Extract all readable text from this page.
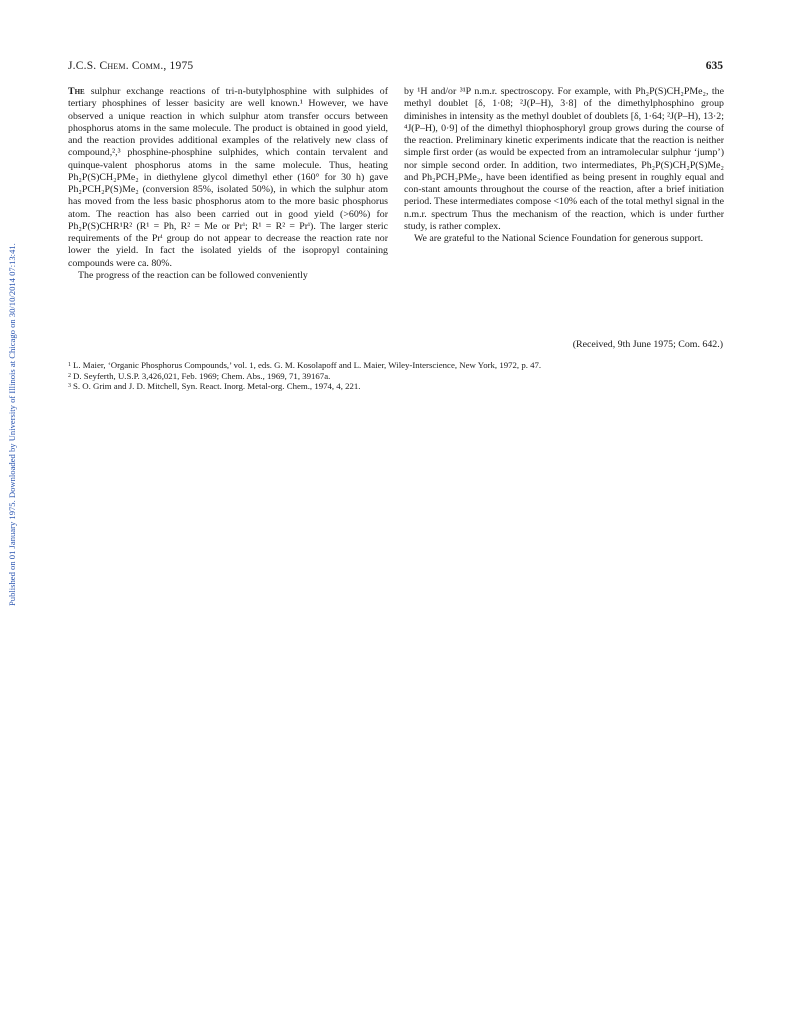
Published on 01 January 1975. Downloaded by University of Illinois at Chicago on 30/10/2014 07:13:41.
J.C.S. Chem. Comm., 1975	635

The sulphur exchange reactions of tri-n-butylphosphine with sulphides of tertiary phosphines of lesser basicity are well known.¹ However, we have observed a unique reaction in which sulphur atom transfer occurs between phosphorus atoms in the same molecule. The product is obtained in good yield, and the reaction provides additional examples of the relatively new class of compound,²,³ phosphine-phosphine sulphides, which contain tervalent and quinque-valent phosphorus atoms in the same molecule. Thus, heating Ph₂P(S)CH₂PMe₂ in diethylene glycol dimethyl ether (160° for 30 h) gave Ph₂PCH₂P(S)Me₂ (conversion 85%, isolated 50%), in which the sulphur atom has moved from the less basic phosphorus atom to the more basic phosphorus atom. The reaction has also been carried out in good yield (>60%) for Ph₂P(S)CHR¹R² (R¹ = Ph, R² = Me or Prⁱ; R¹ = R² = Prⁱ). The larger steric requirements of the Prⁱ group do not appear to decrease the reaction rate nor lower the yield. In fact the isolated yields of the isopropyl containing compounds were ca. 80%.

The progress of the reaction can be followed conveniently

by ¹H and/or ³¹P n.m.r. spectroscopy. For example, with Ph₂P(S)CH₂PMe₂, the methyl doublet [δ, 1·08; ²J(P–H), 3·8] of the dimethylphosphino group diminishes in intensity as the methyl doublet of doublets [δ, 1·64; ²J(P–H), 13·2; ⁴J(P–H), 0·9] of the dimethyl thiophosphoryl group grows during the course of the reaction. Preliminary kinetic experiments indicate that the reaction is neither simple first order (as would be expected from an intramolecular sulphur ‘jump’) nor simple second order. In addition, two intermediates, Ph₂P(S)CH₂P(S)Me₂ and Ph₂PCH₂PMe₂, have been identified as being present in roughly equal and con-stant amounts throughout the course of the reaction, after a brief initiation period. These intermediates compose <10% each of the total methyl signal in the n.m.r. spectrum Thus the mechanism of the reaction, which is under further study, is rather complex.

We are grateful to the National Science Foundation for generous support.

(Received, 9th June 1975; Com. 642.)

$^1$ L. Maier, ‘Organic Phosphorus Compounds,’ vol. 1, eds. G. M. Kosolapoff and L. Maier, Wiley-Interscience, New York, 1972, p. 47.

$^2$ D. Seyferth, U.S.P. 3,426,021, Feb. 1969; Chem. Abs., 1969, 71, 39167a.

$^3$ S. O. Grim and J. D. Mitchell, Syn. React. Inorg. Metal-org. Chem., 1974, 4, 221.
